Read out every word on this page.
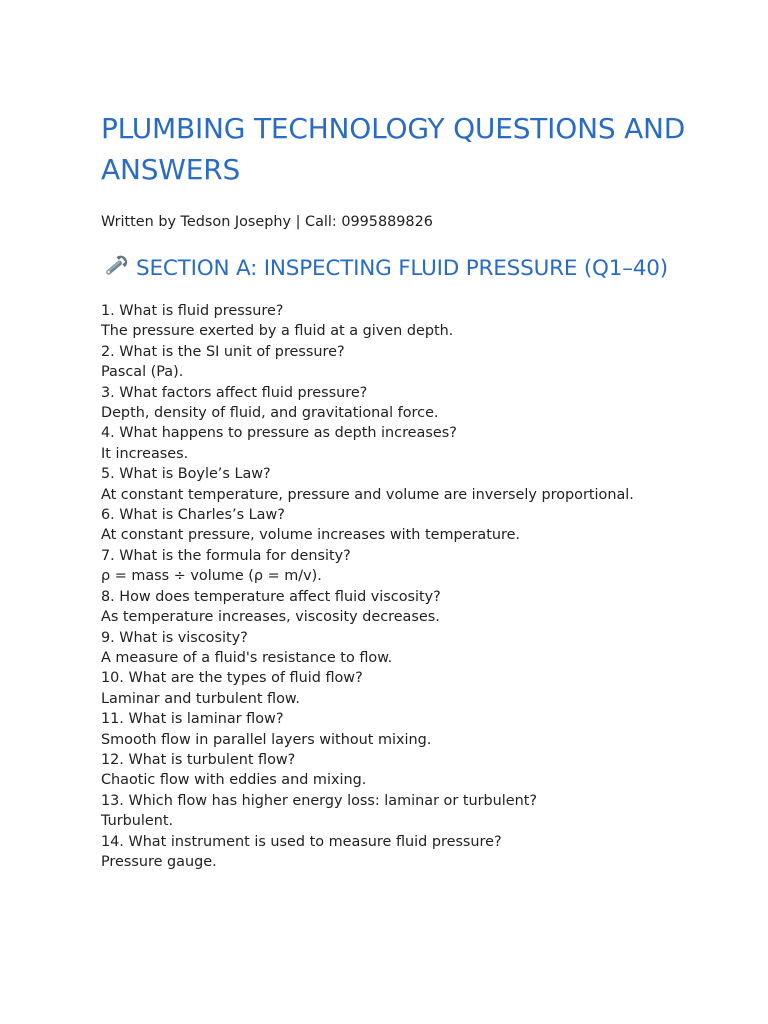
PLUMBING TECHNOLOGY QUESTIONS AND ANSWERS

Written by Tedson Josephy | Call: 0995889826

SECTION A: INSPECTING FLUID PRESSURE (Q1–40)
1. What is fluid pressure?
The pressure exerted by a fluid at a given depth.
2. What is the SI unit of pressure?
Pascal (Pa).
3. What factors affect fluid pressure?
Depth, density of fluid, and gravitational force.
4. What happens to pressure as depth increases?
It increases.
5. What is Boyle’s Law?
At constant temperature, pressure and volume are inversely proportional.
6. What is Charles’s Law?
At constant pressure, volume increases with temperature.
7. What is the formula for density?
ρ = mass ÷ volume (ρ = m/v).
8. How does temperature affect fluid viscosity?
As temperature increases, viscosity decreases.
9. What is viscosity?
A measure of a fluid's resistance to flow.
10. What are the types of fluid flow?
Laminar and turbulent flow.
11. What is laminar flow?
Smooth flow in parallel layers without mixing.
12. What is turbulent flow?
Chaotic flow with eddies and mixing.
13. Which flow has higher energy loss: laminar or turbulent?
Turbulent.
14. What instrument is used to measure fluid pressure?
Pressure gauge.
